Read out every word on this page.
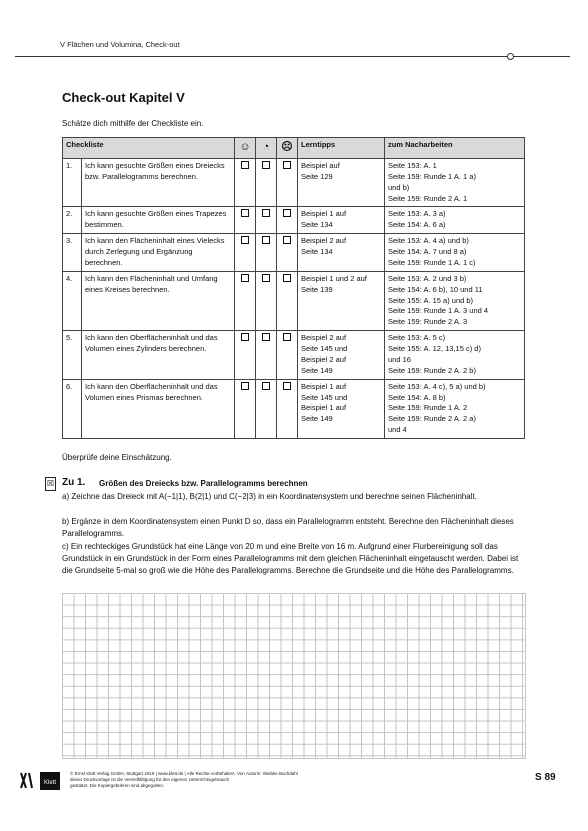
V Flächen und Volumina, Check-out
Check-out Kapitel V
Schätze dich mithilfe der Checkliste ein.
Checkliste		☺	◔	☹	Lerntipps	zum Nacharbeiten
1.	Ich kann gesuchte Größen eines Dreiecks bzw. Parallelogramms berechnen.				Beispiel auf
Seite 129	Seite 153: A. 1
Seite 159: Runde 1 A. 1 a)
und b)
Seite 159: Runde 2 A. 1

2.	Ich kann gesuchte Größen eines Trapezes bestimmen.				Beispiel 1 auf
Seite 134	Seite 153: A. 3 a)
Seite 154: A. 6 a)

3.	Ich kann den Flächeninhalt eines Vielecks durch Zerlegung und Ergänzung berechnen.				Beispiel 2 auf
Seite 134	Seite 153: A. 4 a) und b)
Seite 154: A. 7 und 8 a)
Seite 159: Runde 1 A. 1 c)

4.	Ich kann den Flächeninhalt und Umfang eines Kreises berechnen.				Beispiel 1 und 2 auf
Seite 139	Seite 153: A. 2 und 3 b)
Seite 154: A. 6 b), 10 und 11
Seite 155: A. 15 a) und b)
Seite 159: Runde 1 A. 3 und 4
Seite 159: Runde 2 A. 3

5.	Ich kann den Oberflächeninhalt und das Volumen eines Zylinders berechnen.				Beispiel 2 auf
Seite 145 und
Beispiel 2 auf
Seite 149	Seite 153: A. 5 c)
Seite 155: A. 12, 13,15 c) d)
und 16
Seite 159: Runde 2 A. 2 b)

6.	Ich kann den Oberflächeninhalt und das Volumen eines Prismas berechnen.				Beispiel 1 auf
Seite 145 und
Beispiel 1 auf
Seite 149	Seite 153: A. 4 c), 5 a) und b)
Seite 154: A. 8 b)
Seite 159: Runde 1 A. 2
Seite 159: Runde 2 A. 2 a)
und 4
Überprüfe deine Einschätzung.
☒ Zu 1. Größen des Dreiecks bzw. Parallelogramms berechnen
a) Zeichne das Dreieck mit A(−1|1), B(2|1) und C(−2|3) in ein Koordinatensystem und berechne seinen Flächeninhalt.
b) Ergänze in dem Koordinatensystem einen Punkt D so, dass ein Parallelogramm entsteht. Berechne den Flächeninhalt dieses Parallelogramms.
c) Ein rechteckiges Grundstück hat eine Länge von 20 m und eine Breite von 16 m. Aufgrund einer Flurbereinigung soll das Grundstück in ein Grundstück in der Form eines Parallelogramms mit dem gleichen Flächeninhalt eingetauscht werden. Dabei ist die Grundseite 5-mal so groß wie die Höhe des Parallelogramms. Berechne die Grundseite und die Höhe des Parallelogramms.
Klett
© Ernst Klett Verlag GmbH, Stuttgart 2019 | www.klett.de | Alle Rechte vorbehalten. Von dieser Druckvorlage ist die Vervielfältigung für den eigenen Unterrichtsgebrauch gestattet. Die Kopiergebühren sind abgegolten.
Autorin: Wiebke Buchdahl	S 89
